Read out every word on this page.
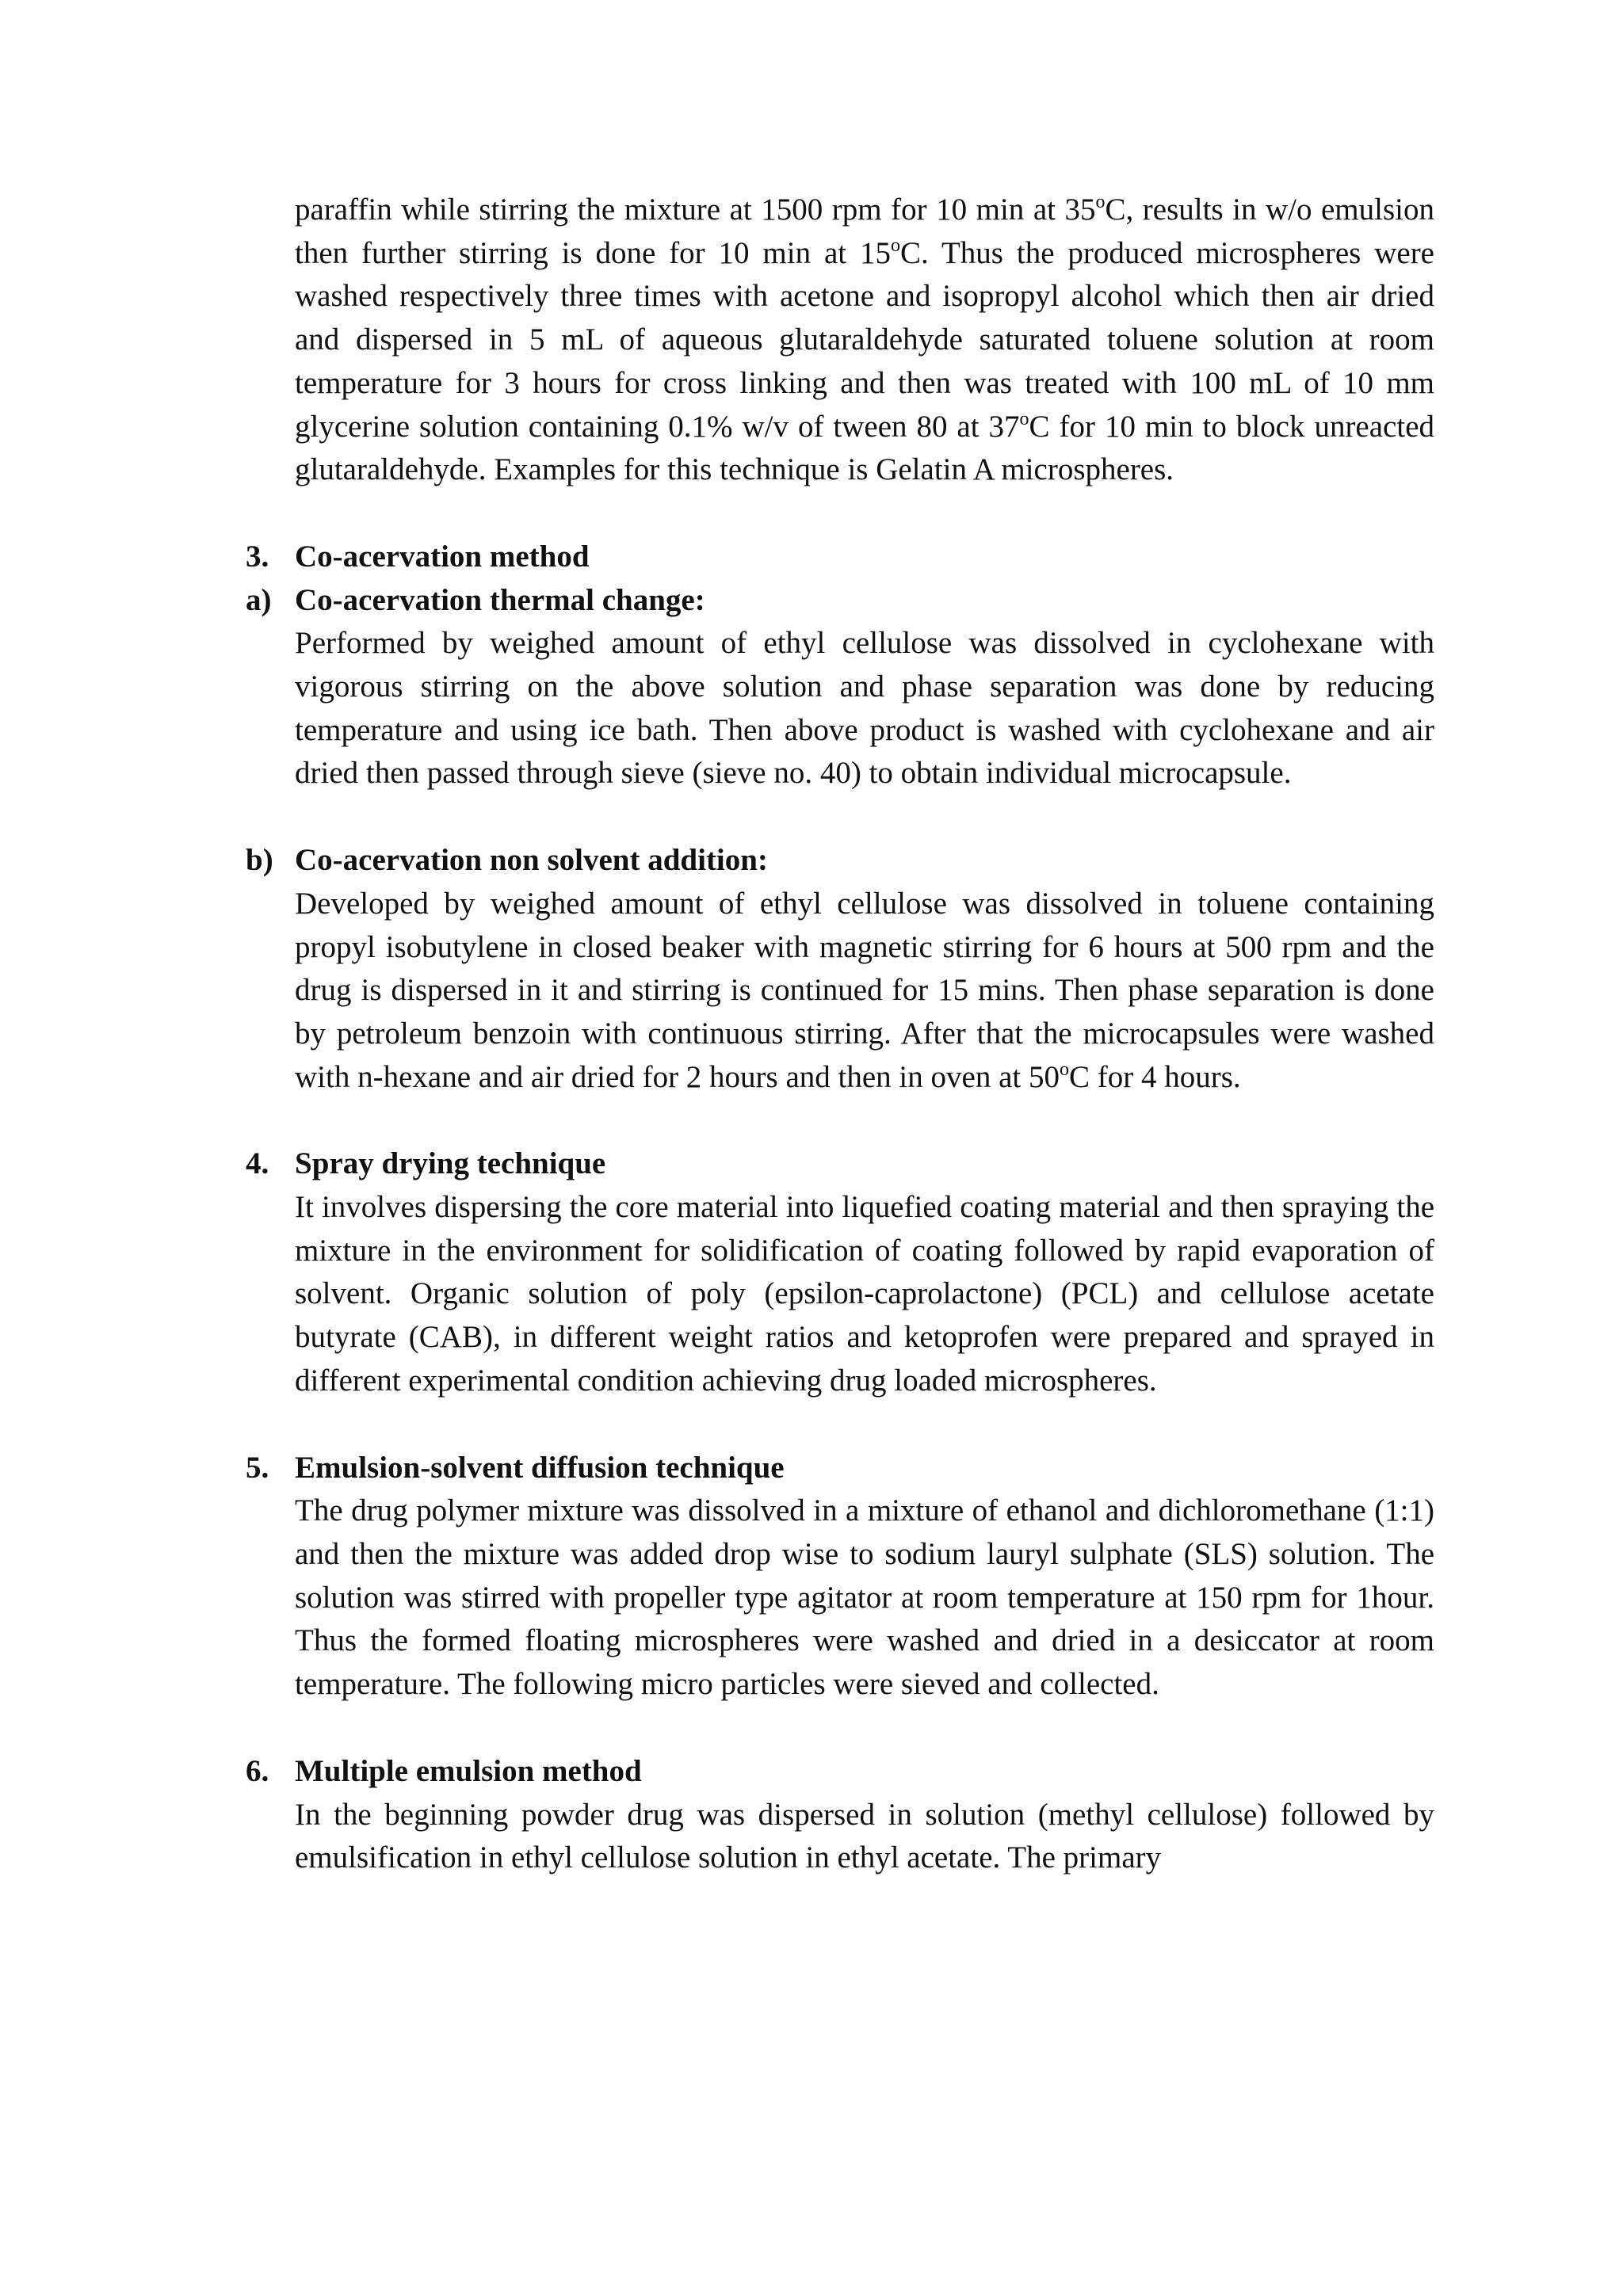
paraffin while stirring the mixture at 1500 rpm for 10 min at 35$^o$C, results in w/o emulsion then further stirring is done for 10 min at 15$^o$C. Thus the produced microspheres were washed respectively three times with acetone and isopropyl alcohol which then air dried and dispersed in 5 mL of aqueous glutaraldehyde saturated toluene solution at room temperature for 3 hours for cross linking and then was treated with 100 mL of 10 mm glycerine solution containing 0.1% w/v of tween 80 at 37$^o$C for 10 min to block unreacted glutaraldehyde. Examples for this technique is Gelatin A microspheres.

3. Co-acervation method
a) Co-acervation thermal change:

Performed by weighed amount of ethyl cellulose was dissolved in cyclohexane with vigorous stirring on the above solution and phase separation was done by reducing temperature and using ice bath. Then above product is washed with cyclohexane and air dried then passed through sieve (sieve no. 40) to obtain individual microcapsule.

b) Co-acervation non solvent addition:

Developed by weighed amount of ethyl cellulose was dissolved in toluene containing propyl isobutylene in closed beaker with magnetic stirring for 6 hours at 500 rpm and the drug is dispersed in it and stirring is continued for 15 mins. Then phase separation is done by petroleum benzoin with continuous stirring. After that the microcapsules were washed with n-hexane and air dried for 2 hours and then in oven at 50$^o$C for 4 hours.

4. Spray drying technique

It involves dispersing the core material into liquefied coating material and then spraying the mixture in the environment for solidification of coating followed by rapid evaporation of solvent. Organic solution of poly (epsilon-caprolactone) (PCL) and cellulose acetate butyrate (CAB), in different weight ratios and ketoprofen were prepared and sprayed in different experimental condition achieving drug loaded microspheres.

5. Emulsion-solvent diffusion technique

The drug polymer mixture was dissolved in a mixture of ethanol and dichloromethane (1:1) and then the mixture was added drop wise to sodium lauryl sulphate (SLS) solution. The solution was stirred with propeller type agitator at room temperature at 150 rpm for 1hour. Thus the formed floating microspheres were washed and dried in a desiccator at room temperature. The following micro particles were sieved and collected.

6. Multiple emulsion method

In the beginning powder drug was dispersed in solution (methyl cellulose) followed by emulsification in ethyl cellulose solution in ethyl acetate. The primary
